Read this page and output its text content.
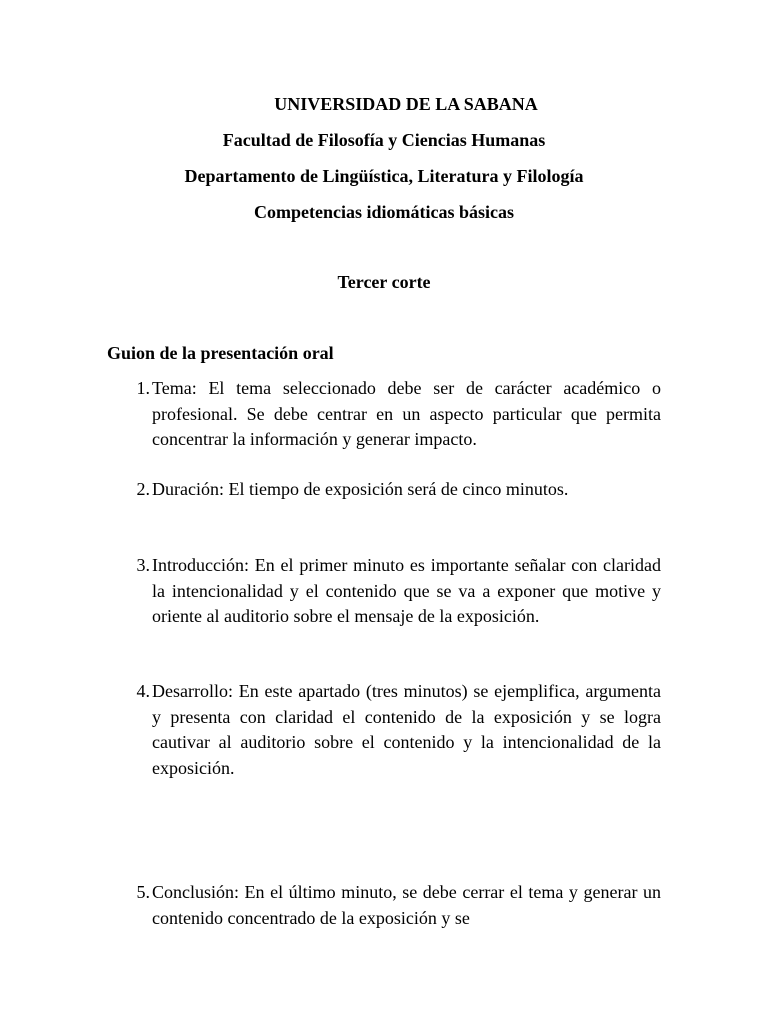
UNIVERSIDAD DE LA SABANA
Facultad de Filosofía y Ciencias Humanas
Departamento de Lingüística, Literatura y Filología
Competencias idiomáticas básicas
Tercer corte
Guion de la presentación oral
1. Tema: El tema seleccionado debe ser de carácter académico o profesional. Se debe centrar en un aspecto particular que permita concentrar la información y generar impacto.
2. Duración: El tiempo de exposición será de cinco minutos.
3. Introducción: En el primer minuto es importante señalar con claridad la intencionalidad y el contenido que se va a exponer que motive y oriente al auditorio sobre el mensaje de la exposición.
4. Desarrollo: En este apartado (tres minutos) se ejemplifica, argumenta y presenta con claridad el contenido de la exposición y se logra cautivar al auditorio sobre el contenido y la intencionalidad de la exposición.
5. Conclusión: En el último minuto, se debe cerrar el tema y generar un contenido concentrado de la exposición y se
